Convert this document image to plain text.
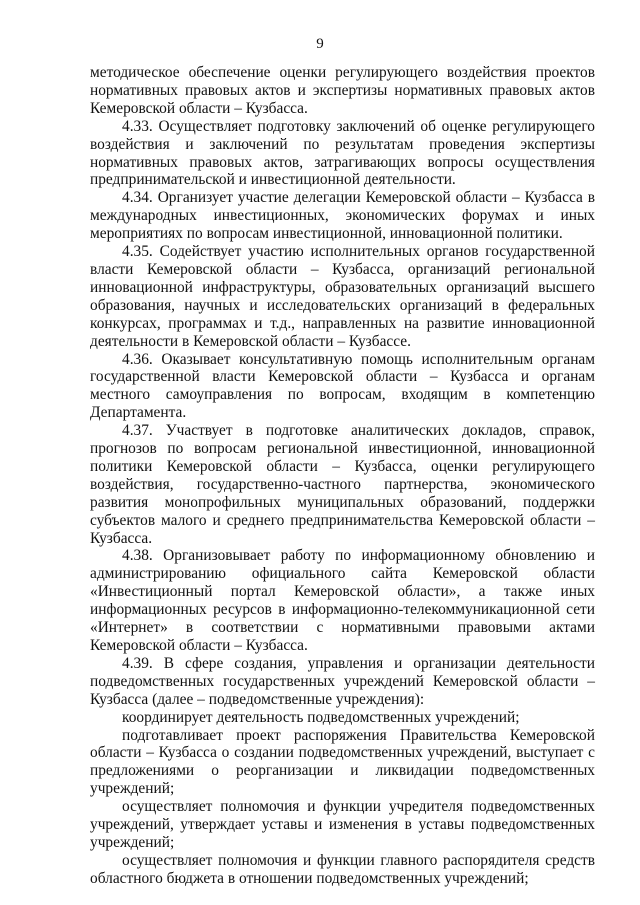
9

методическое обеспечение оценки регулирующего воздействия проектов нормативных правовых актов и экспертизы нормативных правовых актов Кемеровской области – Кузбасса.

4.33. Осуществляет подготовку заключений об оценке регулирующего воздействия и заключений по результатам проведения экспертизы нормативных правовых актов, затрагивающих вопросы осуществления предпринимательской и инвестиционной деятельности.

4.34. Организует участие делегации Кемеровской области – Кузбасса в международных инвестиционных, экономических форумах и иных мероприятиях по вопросам инвестиционной, инновационной политики.

4.35. Содействует участию исполнительных органов государственной власти Кемеровской области – Кузбасса, организаций региональной инновационной инфраструктуры, образовательных организаций высшего образования, научных и исследовательских организаций в федеральных конкурсах, программах и т.д., направленных на развитие инновационной деятельности в Кемеровской области – Кузбассе.

4.36. Оказывает консультативную помощь исполнительным органам государственной власти Кемеровской области – Кузбасса и органам местного самоуправления по вопросам, входящим в компетенцию Департамента.

4.37. Участвует в подготовке аналитических докладов, справок, прогнозов по вопросам региональной инвестиционной, инновационной политики Кемеровской области – Кузбасса, оценки регулирующего воздействия, государственно-частного партнерства, экономического развития монопрофильных муниципальных образований, поддержки субъектов малого и среднего предпринимательства Кемеровской области – Кузбасса.

4.38. Организовывает работу по информационному обновлению и администрированию официального сайта Кемеровской области «Инвестиционный портал Кемеровской области», а также иных информационных ресурсов в информационно-телекоммуникационной сети «Интернет» в соответствии с нормативными правовыми актами Кемеровской области – Кузбасса.

4.39. В сфере создания, управления и организации деятельности подведомственных государственных учреждений Кемеровской области – Кузбасса (далее – подведомственные учреждения):

координирует деятельность подведомственных учреждений;

подготавливает проект распоряжения Правительства Кемеровской области – Кузбасса о создании подведомственных учреждений, выступает с предложениями о реорганизации и ликвидации подведомственных учреждений;

осуществляет полномочия и функции учредителя подведомственных учреждений, утверждает уставы и изменения в уставы подведомственных учреждений;

осуществляет полномочия и функции главного распорядителя средств областного бюджета в отношении подведомственных учреждений;
